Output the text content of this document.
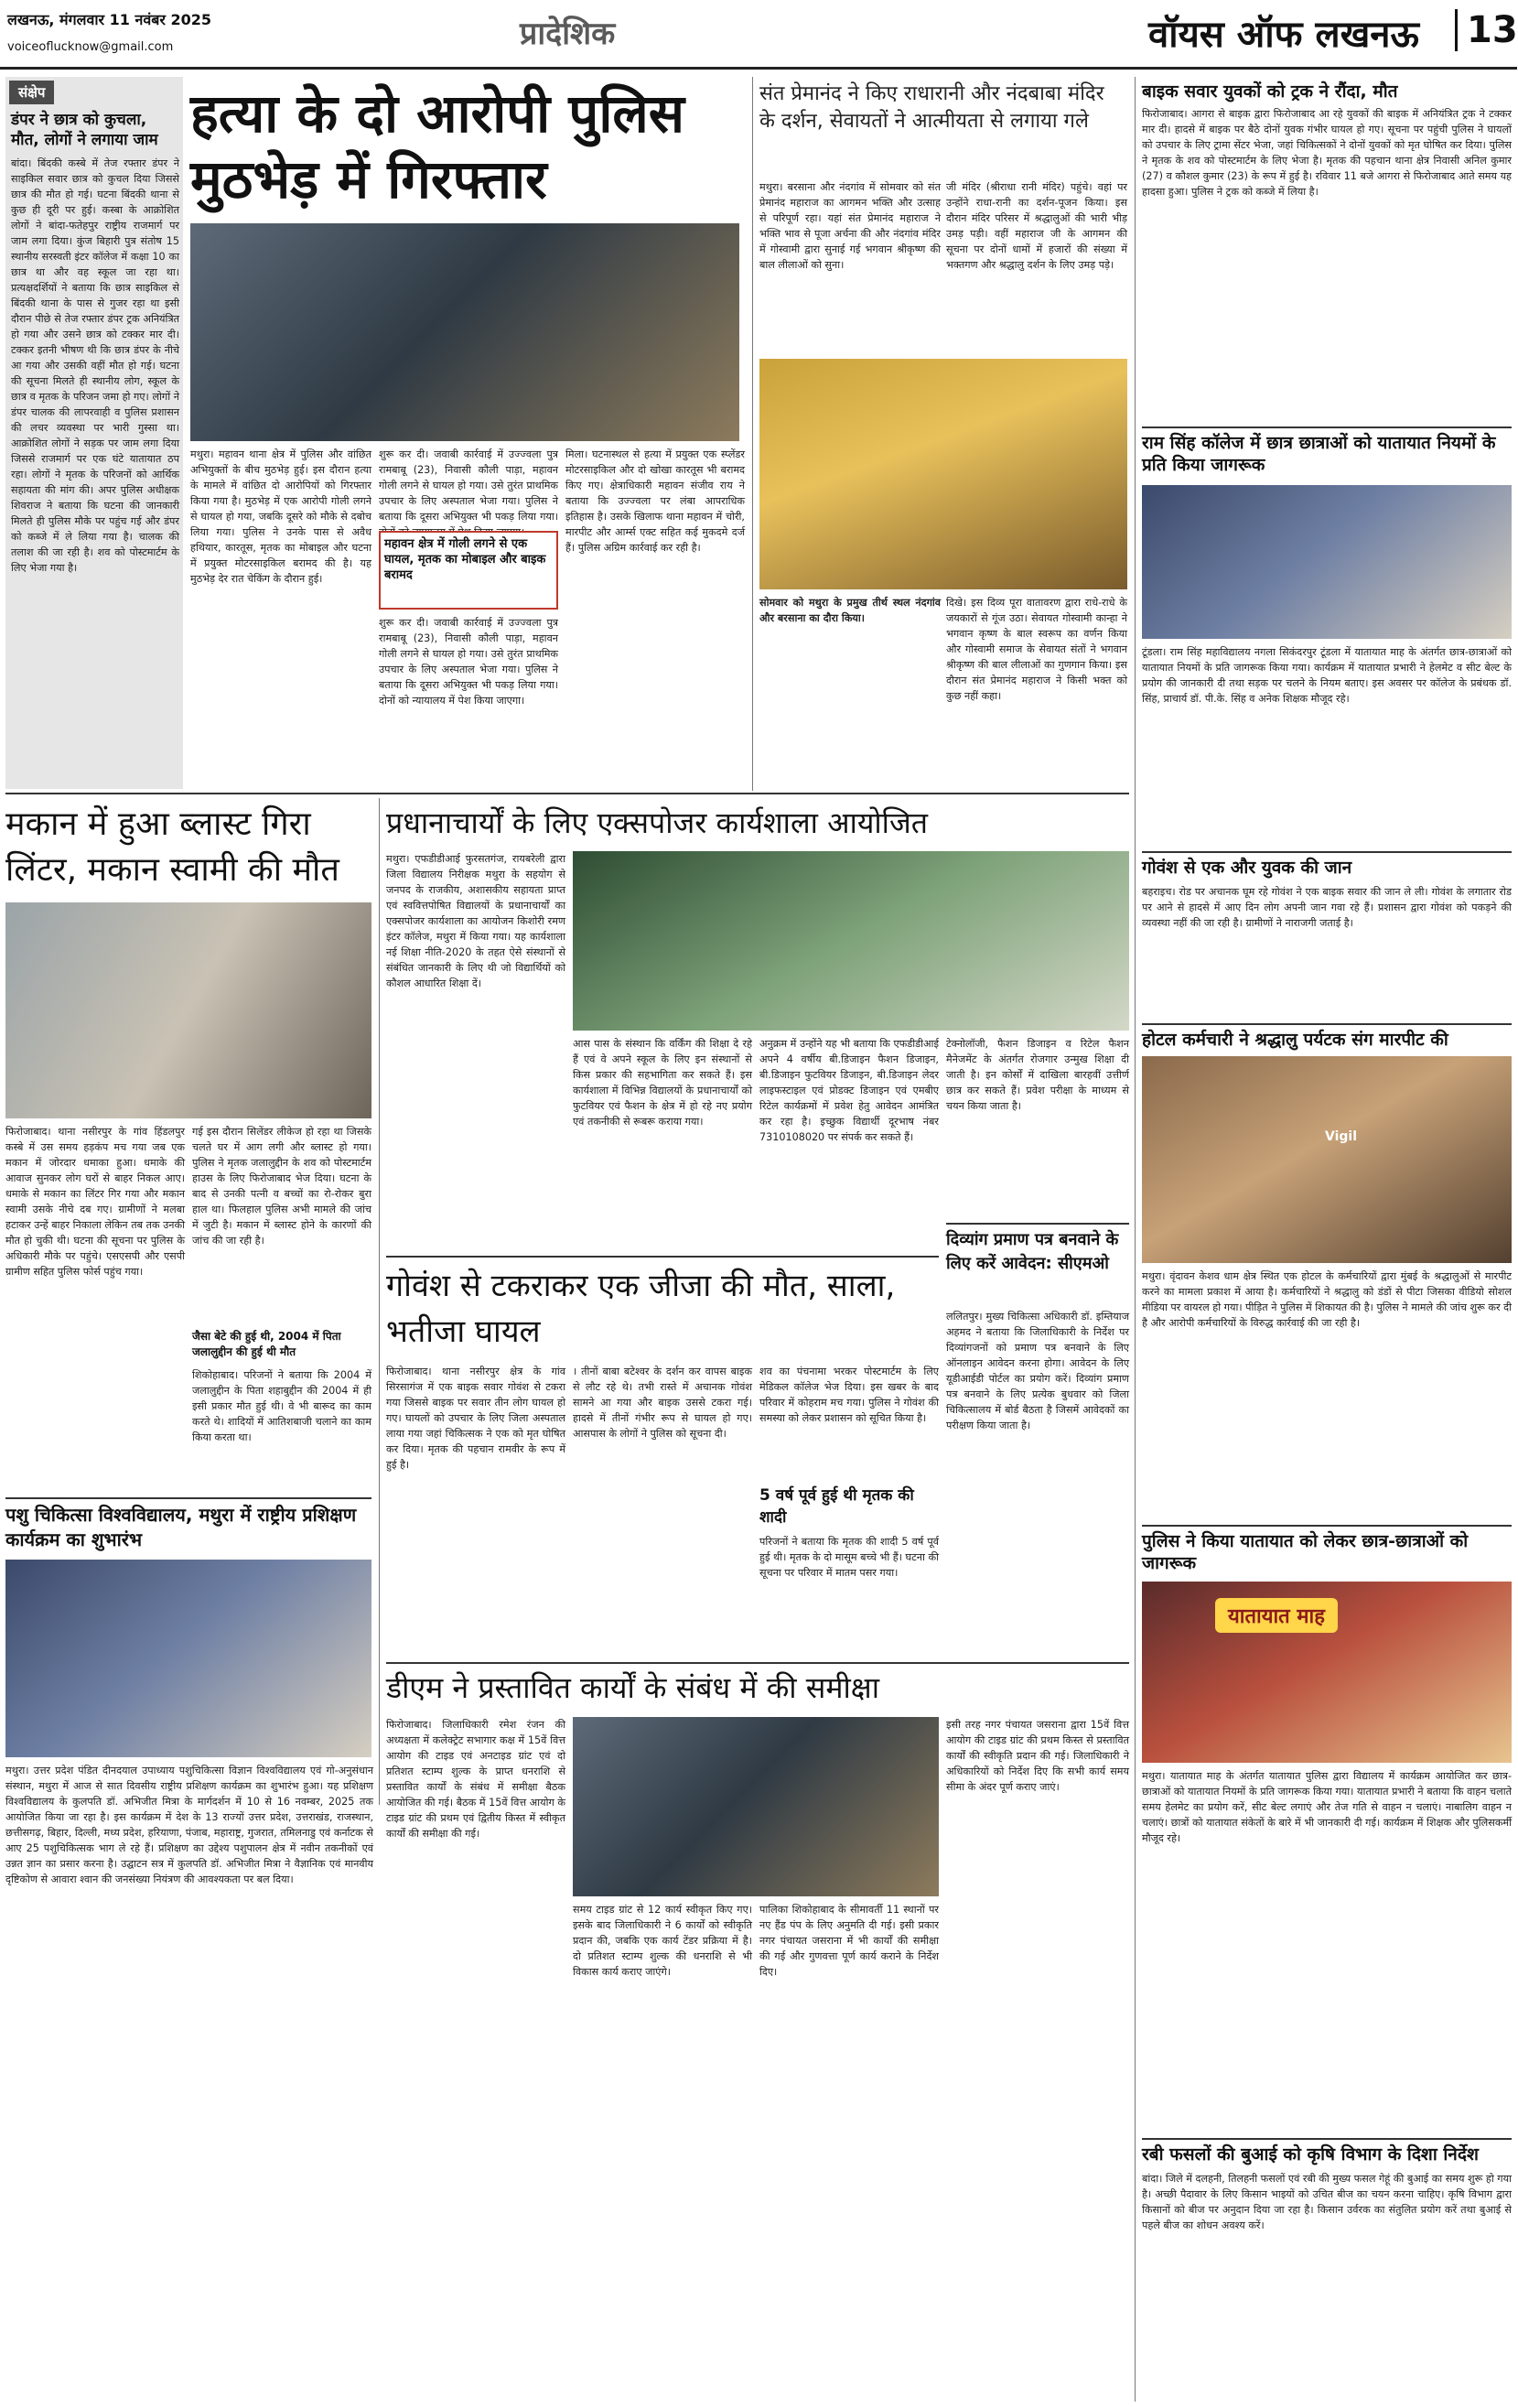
लखनऊ, मंगलवार 11 नवंबर 2025
voiceoflucknow@gmail.com	प्रादेशिक	वॉयस ऑफ लखनऊ	13
संक्षेप
डंपर ने छात्र को कुचला, मौत, लोगों ने लगाया जाम
बांदा। बिंदकी कस्बे में तेज रफ्तार डंपर ने साइकिल सवार छात्र को कुचल दिया जिससे छात्र की मौत हो गई। घटना बिंदकी थाना से कुछ ही दूरी पर हुई। कस्बा के आक्रोशित लोगों ने बांदा-फतेहपुर राष्ट्रीय राजमार्ग पर जाम लगा दिया। कुंज बिहारी पुत्र संतोष 15 स्थानीय सरस्वती इंटर कॉलेज में कक्षा 10 का छात्र था और वह स्कूल जा रहा था। प्रत्यक्षदर्शियों ने बताया कि छात्र साइकिल से बिंदकी थाना के पास से गुजर रहा था इसी दौरान पीछे से तेज रफ्तार डंपर ट्रक अनियंत्रित हो गया और उसने छात्र को टक्कर मार दी। टक्कर इतनी भीषण थी कि छात्र डंपर के नीचे आ गया और उसकी वहीं मौत हो गई। घटना की सूचना मिलते ही स्थानीय लोग, स्कूल के छात्र व मृतक के परिजन जमा हो गए। लोगों ने डंपर चालक की लापरवाही व पुलिस प्रशासन की लचर व्यवस्था पर भारी गुस्सा था। आक्रोशित लोगों ने सड़क पर जाम लगा दिया जिससे राजमार्ग पर एक घंटे यातायात ठप रहा। लोगों ने मृतक के परिजनों को आर्थिक सहायता की मांग की। अपर पुलिस अधीक्षक शिवराज ने बताया कि घटना की जानकारी मिलते ही पुलिस मौके पर पहुंच गई और डंपर को कब्जे में ले लिया गया है। चालक की तलाश की जा रही है। शव को पोस्टमार्टम के लिए भेजा गया है।
हत्या के दो आरोपी पुलिस मुठभेड़ में गिरफ्तार
मथुरा। महावन थाना क्षेत्र में पुलिस और वांछित अभियुक्तों के बीच मुठभेड़ हुई। इस दौरान हत्या के मामले में वांछित दो आरोपियों को गिरफ्तार किया गया है। मुठभेड़ में एक आरोपी गोली लगने से घायल हो गया, जबकि दूसरे को मौके से दबोच लिया गया। पुलिस ने उनके पास से अवैध हथियार, कारतूस, मृतक का मोबाइल और घटना में प्रयुक्त मोटरसाइकिल बरामद की है। यह मुठभेड़ देर रात चेकिंग के दौरान हुई।
शुरू कर दी। जवाबी कार्रवाई में उज्ज्वला पुत्र रामबाबू (23), निवासी कौली पाड़ा, महावन गोली लगने से घायल हो गया। उसे तुरंत प्राथमिक उपचार के लिए अस्पताल भेजा गया। पुलिस ने बताया कि दूसरा अभियुक्त भी पकड़ लिया गया।
महावन क्षेत्र में गोली लगने से एक घायल, मृतक का मोबाइल और बाइक बरामद
शुरू कर दी। जवाबी कार्रवाई में उज्ज्वला पुत्र रामबाबू (23), निवासी कौली पाड़ा, महावन गोली लगने से घायल हो गया। उसे तुरंत प्राथमिक उपचार के लिए अस्पताल भेजा गया। पुलिस ने बताया कि दूसरा अभियुक्त भी पकड़ लिया गया। दोनों को न्यायालय में पेश किया जाएगा।
मिला। घटनास्थल से हत्या में प्रयुक्त एक स्प्लेंडर मोटरसाइकिल और दो खोखा कारतूस भी बरामद किए गए। क्षेत्राधिकारी महावन संजीव राय ने बताया कि उज्ज्वला पर लंबा आपराधिक इतिहास है। उसके खिलाफ थाना महावन में चोरी, मारपीट और आर्म्स एक्ट सहित कई मुकदमे दर्ज हैं। पुलिस अग्रिम कार्रवाई कर रही है।
संत प्रेमानंद ने किए राधारानी और नंदबाबा मंदिर के दर्शन, सेवायतों ने आत्मीयता से लगाया गले
मथुरा। बरसाना और नंदगांव में सोमवार को संत प्रेमानंद महाराज का आगमन भक्ति और उत्साह से परिपूर्ण रहा। यहां संत प्रेमानंद महाराज ने भक्ति भाव से पूजा अर्चना की और नंदगांव मंदिर में गोस्वामी द्वारा सुनाई गई भगवान श्रीकृष्ण की बाल लीलाओं को सुना।
जी मंदिर (श्रीराधा रानी मंदिर) पहुंचे। वहां पर उन्होंने राधा-रानी का दर्शन-पूजन किया। इस दौरान मंदिर परिसर में श्रद्धालुओं की भारी भीड़ उमड़ पड़ी। वहीं महाराज जी के आगमन की सूचना पर दोनों धामों में हजारों की संख्या में भक्तगण और श्रद्धालु दर्शन के लिए उमड़ पड़े।
सोमवार को मथुरा के प्रमुख तीर्थ स्थल नंदगांव और बरसाना का दौरा किया।
दिखे। इस दिव्य पूरा वातावरण द्वारा राधे-राधे के जयकारों से गूंज उठा। सेवायत गोस्वामी कान्हा ने भगवान कृष्ण के बाल स्वरूप का वर्णन किया और गोस्वामी समाज के सेवायत संतों ने भगवान श्रीकृष्ण की बाल लीलाओं का गुणगान किया। इस दौरान संत प्रेमानंद महाराज ने किसी भक्त को कुछ नहीं कहा।
बाइक सवार युवकों को ट्रक ने रौंदा, मौत
फिरोजाबाद। आगरा से बाइक द्वारा फिरोजाबाद आ रहे युवकों की बाइक में अनियंत्रित ट्रक ने टक्कर मार दी। हादसे में बाइक पर बैठे दोनों युवक गंभीर घायल हो गए। सूचना पर पहुंची पुलिस ने घायलों को उपचार के लिए ट्रामा सेंटर भेजा, जहां चिकित्सकों ने दोनों युवकों को मृत घोषित कर दिया। पुलिस ने मृतक के शव को पोस्टमार्टम के लिए भेजा है। मृतक की पहचान थाना क्षेत्र निवासी अनिल कुमार (27) व कौशल कुमार (23) के रूप में हुई है। रविवार 11 बजे आगरा से फिरोजाबाद आते समय यह हादसा हुआ। पुलिस ने ट्रक को कब्जे में लिया है।
राम सिंह कॉलेज में छात्र छात्राओं को यातायात नियमों के प्रति किया जागरूक
टूंडला। राम सिंह महाविद्यालय नगला सिकंदरपुर टूंडला में यातायात माह के अंतर्गत छात्र-छात्राओं को यातायात नियमों के प्रति जागरूक किया गया। कार्यक्रम में यातायात प्रभारी ने हेलमेट व सीट बेल्ट के प्रयोग की जानकारी दी तथा सड़क पर चलने के नियम बताए। इस अवसर पर कॉलेज के प्रबंधक डॉ. सिंह, प्राचार्य डॉ. पी.के. सिंह व अनेक शिक्षक मौजूद रहे।
गोवंश से एक और युवक की जान
बहराइच। रोड पर अचानक घूम रहे गोवंश ने एक बाइक सवार की जान ले ली। गोवंश के लगातार रोड पर आने से हादसे में आए दिन लोग अपनी जान गवा रहे हैं। प्रशासन द्वारा गोवंश को पकड़ने की व्यवस्था नहीं की जा रही है। ग्रामीणों ने नाराजगी जताई है।
होटल कर्मचारी ने श्रद्धालु पर्यटक संग मारपीट की
Vigil
मथुरा। वृंदावन केशव धाम क्षेत्र स्थित एक होटल के कर्मचारियों द्वारा मुंबई के श्रद्धालुओं से मारपीट करने का मामला प्रकाश में आया है। कर्मचारियों ने श्रद्धालु को डंडों से पीटा जिसका वीडियो सोशल मीडिया पर वायरल हो गया। पीड़ित ने पुलिस में शिकायत की है। पुलिस ने मामले की जांच शुरू कर दी है और आरोपी कर्मचारियों के विरुद्ध कार्रवाई की जा रही है।
पुलिस ने किया यातायात को लेकर छात्र-छात्राओं को जागरूक
यातायात माह
मथुरा। यातायात माह के अंतर्गत यातायात पुलिस द्वारा विद्यालय में कार्यक्रम आयोजित कर छात्र-छात्राओं को यातायात नियमों के प्रति जागरूक किया गया। यातायात प्रभारी ने बताया कि वाहन चलाते समय हेलमेट का प्रयोग करें, सीट बेल्ट लगाएं और तेज गति से वाहन न चलाएं। नाबालिग वाहन न चलाएं। छात्रों को यातायात संकेतों के बारे में भी जानकारी दी गई। कार्यक्रम में शिक्षक और पुलिसकर्मी मौजूद रहे।
रबी फसलों की बुआई को कृषि विभाग के दिशा निर्देश
बांदा। जिले में दलहनी, तिलहनी फसलों एवं रबी की मुख्य फसल गेहूं की बुआई का समय शुरू हो गया है। अच्छी पैदावार के लिए किसान भाइयों को उचित बीज का चयन करना चाहिए। कृषि विभाग द्वारा किसानों को बीज पर अनुदान दिया जा रहा है। किसान उर्वरक का संतुलित प्रयोग करें तथा बुआई से पहले बीज का शोधन अवश्य करें।
मकान में हुआ ब्लास्ट गिरा लिंटर, मकान स्वामी की मौत
फिरोजाबाद। थाना नसीरपुर के गांव हिंडलपुर कस्बे में उस समय हड़कंप मच गया जब एक मकान में जोरदार धमाका हुआ। धमाके की आवाज सुनकर लोग घरों से बाहर निकल आए। धमाके से मकान का लिंटर गिर गया और मकान स्वामी उसके नीचे दब गए। ग्रामीणों ने मलबा हटाकर उन्हें बाहर निकाला लेकिन तब तक उनकी मौत हो चुकी थी। घटना की सूचना पर पुलिस के अधिकारी मौके पर पहुंचे। एसएसपी और एसपी ग्रामीण सहित पुलिस फोर्स पहुंच गया।
गई इस दौरान सिलेंडर लीकेज हो रहा था जिसके चलते घर में आग लगी और ब्लास्ट हो गया। पुलिस ने मृतक जलालुद्दीन के शव को पोस्टमार्टम हाउस के लिए फिरोजाबाद भेज दिया। घटना के बाद से उनकी पत्नी व बच्चों का रो-रोकर बुरा हाल था। फिलहाल पुलिस अभी मामले की जांच में जुटी है। मकान में ब्लास्ट होने के कारणों की जांच की जा रही है।
जैसा बेटे की हुई थी, 2004 में पिता जलालुद्दीन की हुई थी मौत
शिकोहाबाद। परिजनों ने बताया कि 2004 में जलालुद्दीन के पिता शहाबुद्दीन की 2004 में ही इसी प्रकार मौत हुई थी। वे भी बारूद का काम करते थे। शादियों में आतिशबाजी चलाने का काम किया करता था।
प्रधानाचार्यों के लिए एक्सपोजर कार्यशाला आयोजित
मथुरा। एफडीडीआई फुरसतगंज, रायबरेली द्वारा जिला विद्यालय निरीक्षक मथुरा के सहयोग से जनपद के राजकीय, अशासकीय सहायता प्राप्त एवं स्ववित्तपोषित विद्यालयों के प्रधानाचार्यों का एक्सपोजर कार्यशाला का आयोजन किशोरी रमण इंटर कॉलेज, मथुरा में किया गया। यह कार्यशाला नई शिक्षा नीति-2020 के तहत ऐसे संस्थानों से संबंधित जानकारी के लिए थी जो विद्यार्थियों को कौशल आधारित शिक्षा दें।
आस पास के संस्थान कि वर्किंग की शिक्षा दे रहे हैं एवं वे अपने स्कूल के लिए इन संस्थानों से किस प्रकार की सहभागिता कर सकते हैं। इस कार्यशाला में विभिन्न विद्यालयों के प्रधानाचार्यों को फुटवियर एवं फैशन के क्षेत्र में हो रहे नए प्रयोग एवं तकनीकी से रूबरू कराया गया।
अनुक्रम में उन्होंने यह भी बताया कि एफडीडीआई अपने 4 वर्षीय बी.डिजाइन फैशन डिजाइन, बी.डिजाइन फुटवियर डिजाइन, बी.डिजाइन लेदर लाइफस्टाइल एवं प्रोडक्ट डिजाइन एवं एमबीए रिटेल कार्यक्रमों में प्रवेश हेतु आवेदन आमंत्रित कर रहा है। इच्छुक विद्यार्थी दूरभाष नंबर 7310108020 पर संपर्क कर सकते हैं।
टेक्नोलॉजी, फैशन डिजाइन व रिटेल फैशन मैनेजमेंट के अंतर्गत रोजगार उन्मुख शिक्षा दी जाती है। इन कोर्सों में दाखिला बारहवीं उत्तीर्ण छात्र कर सकते हैं। प्रवेश परीक्षा के माध्यम से चयन किया जाता है।
दिव्यांग प्रमाण पत्र बनवाने के लिए करें आवेदन: सीएमओ
ललितपुर। मुख्य चिकित्सा अधिकारी डॉ. इम्तियाज अहमद ने बताया कि जिलाधिकारी के निर्देश पर दिव्यांगजनों को प्रमाण पत्र बनवाने के लिए ऑनलाइन आवेदन करना होगा। आवेदन के लिए यूडीआईडी पोर्टल का प्रयोग करें। दिव्यांग प्रमाण पत्र बनवाने के लिए प्रत्येक बुधवार को जिला चिकित्सालय में बोर्ड बैठता है जिसमें आवेदकों का परीक्षण किया जाता है।
गोवंश से टकराकर एक जीजा की मौत, साला, भतीजा घायल
फिरोजाबाद। थाना नसीरपुर क्षेत्र के गांव सिरसागंज में एक बाइक सवार गोवंश से टकरा गया जिससे बाइक पर सवार तीन लोग घायल हो गए। घायलों को उपचार के लिए जिला अस्पताल लाया गया जहां चिकित्सक ने एक को मृत घोषित कर दिया। मृतक की पहचान रामवीर के रूप में हुई है।
। तीनों बाबा बटेश्वर के दर्शन कर वापस बाइक से लौट रहे थे। तभी रास्ते में अचानक गोवंश सामने आ गया और बाइक उससे टकरा गई। हादसे में तीनों गंभीर रूप से घायल हो गए। आसपास के लोगों ने पुलिस को सूचना दी।
शव का पंचनामा भरकर पोस्टमार्टम के लिए मेडिकल कॉलेज भेज दिया। इस खबर के बाद परिवार में कोहराम मच गया। पुलिस ने गोवंश की समस्या को लेकर प्रशासन को सूचित किया है।
5 वर्ष पूर्व हुई थी मृतक की शादी
परिजनों ने बताया कि मृतक की शादी 5 वर्ष पूर्व हुई थी। मृतक के दो मासूम बच्चे भी हैं। घटना की सूचना पर परिवार में मातम पसर गया।
पशु चिकित्सा विश्वविद्यालय, मथुरा में राष्ट्रीय प्रशिक्षण कार्यक्रम का शुभारंभ
मथुरा। उत्तर प्रदेश पंडित दीनदयाल उपाध्याय पशुचिकित्सा विज्ञान विश्वविद्यालय एवं गो-अनुसंधान संस्थान, मथुरा में आज से सात दिवसीय राष्ट्रीय प्रशिक्षण कार्यक्रम का शुभारंभ हुआ। यह प्रशिक्षण विश्वविद्यालय के कुलपति डॉ. अभिजीत मित्रा के मार्गदर्शन में 10 से 16 नवम्बर, 2025 तक आयोजित किया जा रहा है। इस कार्यक्रम में देश के 13 राज्यों उत्तर प्रदेश, उत्तराखंड, राजस्थान, छत्तीसगढ़, बिहार, दिल्ली, मध्य प्रदेश, हरियाणा, पंजाब, महाराष्ट्र, गुजरात, तमिलनाडु एवं कर्नाटक से आए 25 पशुचिकित्सक भाग ले रहे हैं। प्रशिक्षण का उद्देश्य पशुपालन क्षेत्र में नवीन तकनीकों एवं उन्नत ज्ञान का प्रसार करना है। उद्घाटन सत्र में कुलपति डॉ. अभिजीत मित्रा ने वैज्ञानिक एवं मानवीय दृष्टिकोण से आवारा श्वान की जनसंख्या नियंत्रण की आवश्यकता पर बल दिया।
डीएम ने प्रस्तावित कार्यों के संबंध में की समीक्षा
फिरोजाबाद। जिलाधिकारी रमेश रंजन की अध्यक्षता में कलेक्ट्रेट सभागार कक्ष में 15वें वित्त आयोग की टाइड एवं अनटाइड ग्रांट एवं दो प्रतिशत स्टाम्प शुल्क के प्राप्त धनराशि से प्रस्तावित कार्यों के संबंध में समीक्षा बैठक आयोजित की गई। बैठक में 15वें वित्त आयोग के टाइड ग्रांट की प्रथम एवं द्वितीय किस्त में स्वीकृत कार्यों की समीक्षा की गई।
समय टाइड ग्रांट से 12 कार्य स्वीकृत किए गए। इसके बाद जिलाधिकारी ने 6 कार्यों को स्वीकृति प्रदान की, जबकि एक कार्य टेंडर प्रक्रिया में है। दो प्रतिशत स्टाम्प शुल्क की धनराशि से भी विकास कार्य कराए जाएंगे।
पालिका शिकोहाबाद के सीमावर्ती 11 स्थानों पर नए हैंड पंप के लिए अनुमति दी गई। इसी प्रकार नगर पंचायत जसराना में भी कार्यों की समीक्षा की गई और गुणवत्ता पूर्ण कार्य कराने के निर्देश दिए।
इसी तरह नगर पंचायत जसराना द्वारा 15वें वित्त आयोग की टाइड ग्रांट की प्रथम किस्त से प्रस्तावित कार्यों की स्वीकृति प्रदान की गई। जिलाधिकारी ने अधिकारियों को निर्देश दिए कि सभी कार्य समय सीमा के अंदर पूर्ण कराए जाएं।
